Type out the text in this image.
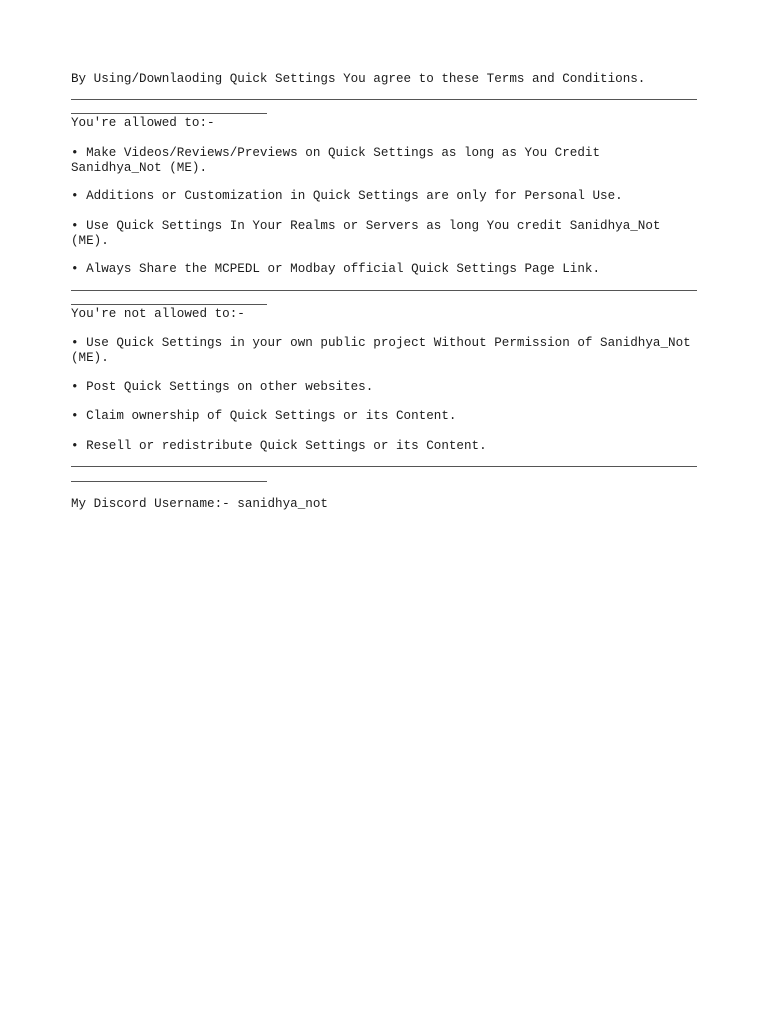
By Using/Downlaoding Quick Settings You agree to these Terms and Conditions.
You're allowed to:-
• Make Videos/Reviews/Previews on Quick Settings as long as You Credit Sanidhya_Not (ME).
• Additions or Customization in Quick Settings are only for Personal Use.
• Use Quick Settings In Your Realms or Servers as long You credit Sanidhya_Not (ME).
• Always Share the MCPEDL or Modbay official Quick Settings Page Link.
You're not allowed to:-
• Use Quick Settings in your own public project Without Permission of Sanidhya_Not (ME).
• Post Quick Settings on other websites.
• Claim ownership of Quick Settings or its Content.
• Resell or redistribute Quick Settings or its Content.
My Discord Username:- sanidhya_not
